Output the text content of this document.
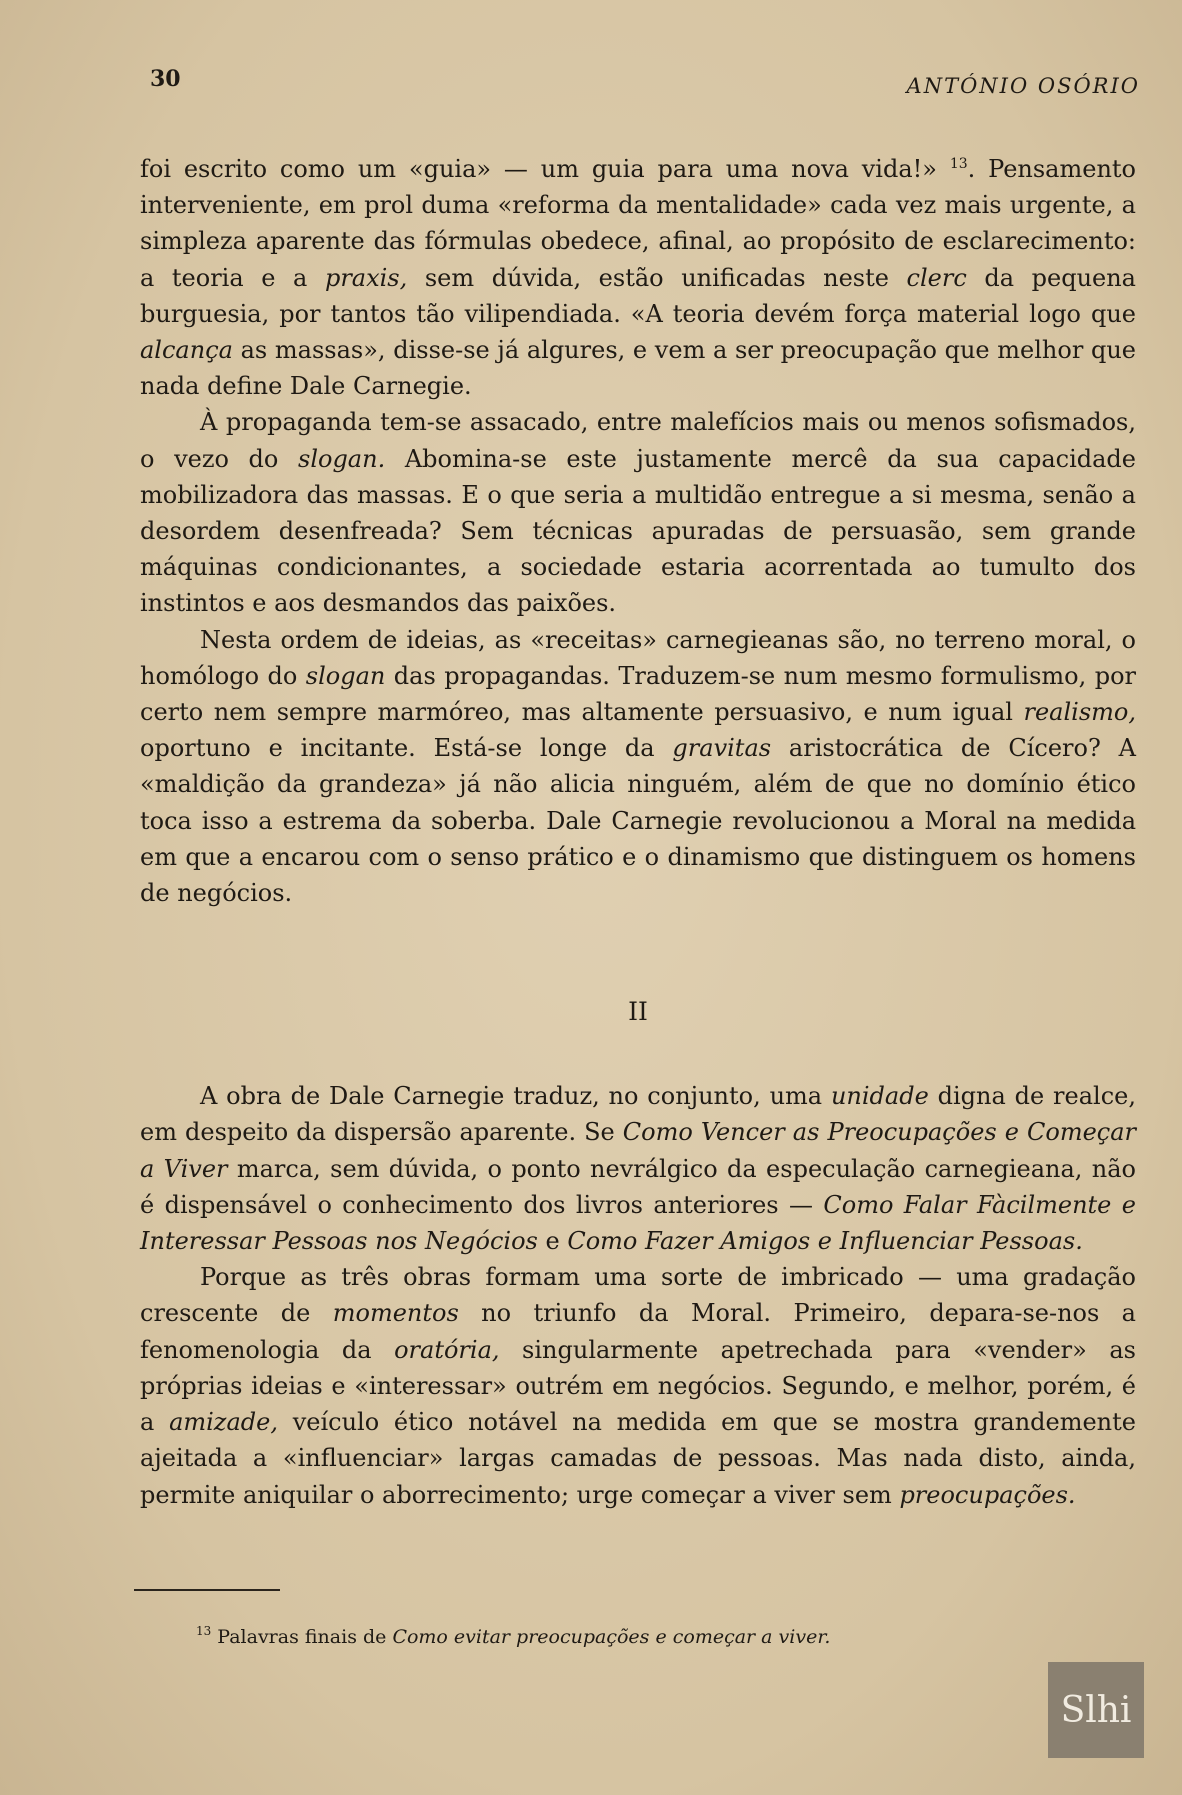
30	ANTÓNIO OSÓRIO

foi escrito como um «guia» — um guia para uma nova vida!» $^{13}$. Pensamento interveniente, em prol duma «reforma da mentalidade» cada vez mais urgente, a simpleza aparente das fórmulas obedece, afinal, ao propósito de esclarecimento: a teoria e a praxis, sem dúvida, estão unificadas neste clerc da pequena burguesia, por tantos tão vilipendiada. «A teoria devém força material logo que alcança as massas», disse-se já algures, e vem a ser preocupação que melhor que nada define Dale Carnegie.

À propaganda tem-se assacado, entre malefícios mais ou menos sofismados, o vezo do slogan. Abomina-se este justamente mercê da sua capacidade mobilizadora das massas. E o que seria a multidão entregue a si mesma, senão a desordem desenfreada? Sem técnicas apuradas de persuasão, sem grande máquinas condicionantes, a sociedade estaria acorrentada ao tumulto dos instintos e aos desmandos das paixões.

Nesta ordem de ideias, as «receitas» carnegieanas são, no terreno moral, o homólogo do slogan das propagandas. Traduzem-se num mesmo formulismo, por certo nem sempre marmóreo, mas altamente persuasivo, e num igual realismo, oportuno e incitante. Está-se longe da gravitas aristocrática de Cícero? A «maldição da grandeza» já não alicia ninguém, além de que no domínio ético toca isso a estrema da soberba. Dale Carnegie revolucionou a Moral na medida em que a encarou com o senso prático e o dinamismo que distinguem os homens de negócios.

II

A obra de Dale Carnegie traduz, no conjunto, uma unidade digna de realce, em despeito da dispersão aparente. Se Como Vencer as Preocupações e Começar a Viver marca, sem dúvida, o ponto nevrálgico da especulação carnegieana, não é dispensável o conhecimento dos livros anteriores — Como Falar Fàcilmente e Interessar Pessoas nos Negócios e Como Fazer Amigos e Influenciar Pessoas.

Porque as três obras formam uma sorte de imbricado — uma gradação crescente de momentos no triunfo da Moral. Primeiro, depara-se-nos a fenomenologia da oratória, singularmente apetrechada para «vender» as próprias ideias e «interessar» outrém em negócios. Segundo, e melhor, porém, é a amizade, veículo ético notável na medida em que se mostra grandemente ajeitada a «influenciar» largas camadas de pessoas. Mas nada disto, ainda, permite aniquilar o aborrecimento; urge começar a viver sem preocupações.

$^{13}$ Palavras finais de Como evitar preocupações e começar a viver.
Slhi
